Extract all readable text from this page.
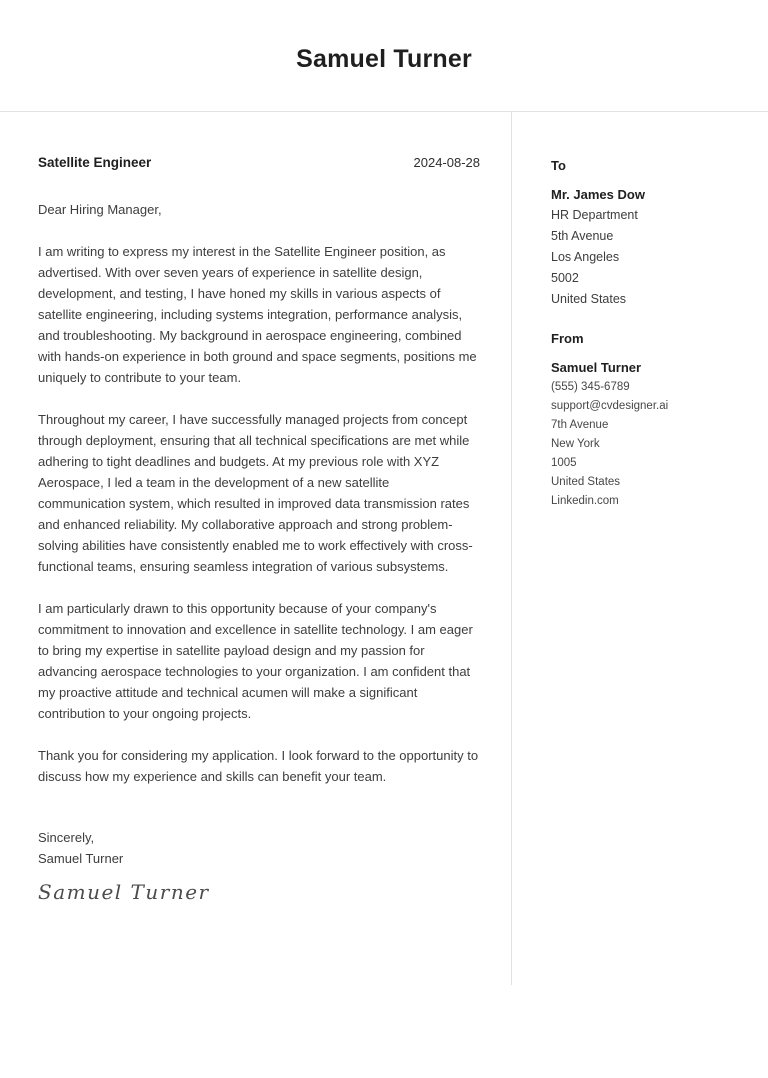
Samuel Turner
Satellite Engineer	2024-08-28

Dear Hiring Manager,

I am writing to express my interest in the Satellite Engineer position, as advertised. With over seven years of experience in satellite design, development, and testing, I have honed my skills in various aspects of satellite engineering, including systems integration, performance analysis, and troubleshooting. My background in aerospace engineering, combined with hands-on experience in both ground and space segments, positions me uniquely to contribute to your team.

Throughout my career, I have successfully managed projects from concept through deployment, ensuring that all technical specifications are met while adhering to tight deadlines and budgets. At my previous role with XYZ Aerospace, I led a team in the development of a new satellite communication system, which resulted in improved data transmission rates and enhanced reliability. My collaborative approach and strong problem-solving abilities have consistently enabled me to work effectively with cross-functional teams, ensuring seamless integration of various subsystems.

I am particularly drawn to this opportunity because of your company's commitment to innovation and excellence in satellite technology. I am eager to bring my expertise in satellite payload design and my passion for advancing aerospace technologies to your organization. I am confident that my proactive attitude and technical acumen will make a significant contribution to your ongoing projects.

Thank you for considering my application. I look forward to the opportunity to discuss how my experience and skills can benefit your team.

Sincerely,
Samuel Turner
Samuel Turner
To
Mr. James Dow
HR Department
5th Avenue
Los Angeles
5002
United States
From
Samuel Turner
(555) 345-6789
support@cvdesigner.ai
7th Avenue
New York
1005
United States
Linkedin.com
